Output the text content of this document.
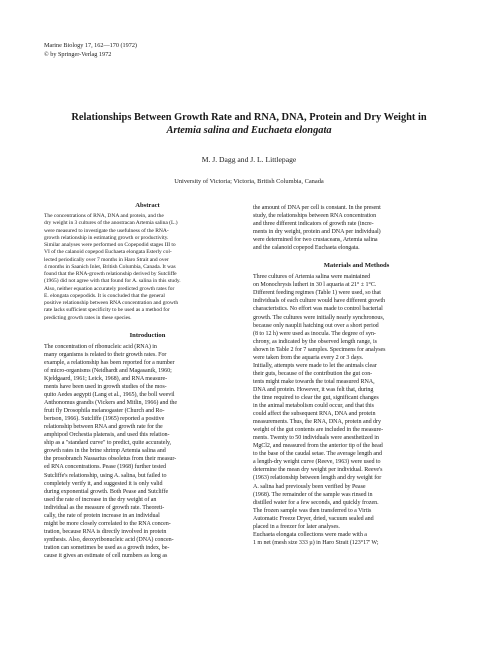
Marine Biology 17, 162—170 (1972)
© by Springer-Verlag 1972
Relationships Between Growth Rate and RNA, DNA, Protein and Dry Weight in
Artemia salina and Euchaeta elongata
M. J. Dagg and J. L. Littlepage
University of Victoria; Victoria, British Columbia, Canada
Abstract
The concentrations of RNA, DNA and protein, and the
dry weight in 3 cultures of the anostracan Artemia salina (L.)
were measured to investigate the usefulness of the RNA-
growth relationship in estimating growth or productivity.
Similar analyses were performed on Copepodid stages III to
VI of the calanoid copepod Euchaeta elongata Esterly col-
lected periodically over 7 months in Haro Strait and over
4 months in Saanich Inlet, British Columbia, Canada. It was
found that the RNA-growth relationship derived by Sutcliffe
(1965) did not agree with that found for A. salina in this study.
Also, neither equation accurately predicted growth rates for
E. elongata copepodids. It is concluded that the general
positive relationship between RNA concentration and growth
rate lacks sufficient specificity to be used as a method for
predicting growth rates in these species.
Introduction
The concentration of ribonucleic acid (RNA) in
many organisms is related to their growth rates. For
example, a relationship has been reported for a number
of micro-organisms (Neidhardt and Magasanik, 1960;
Kjeldgaard, 1961; Leick, 1968), and RNA measure-
ments have been used in growth studies of the mos-
quito Aedes aegypti (Lang et al., 1965), the boll weevil
Anthonomus grandis (Vickers and Mitlin, 1966) and the
fruit fly Drosophila melanogaster (Church and Ro-
bertson, 1966). Sutcliffe (1965) reported a positive
relationship between RNA and growth rate for the
amphipod Orchestia platensis, and used this relation-
ship as a "standard curve" to predict, quite accurately,
growth rates in the brine shrimp Artemia salina and
the prosobranch Nassarius obsoletus from their measur-
ed RNA concentrations. Pease (1968) further tested
Sutcliffe's relationship, using A. salina, but failed to
completely verify it, and suggested it is only valid
during exponential growth. Both Pease and Sutcliffe
used the rate of increase in the dry weight of an
individual as the measure of growth rate. Theoreti-
cally, the rate of protein increase in an individual
might be more closely correlated to the RNA concen-
tration, because RNA is directly involved in protein
synthesis. Also, deoxyribonucleic acid (DNA) concen-
tration can sometimes be used as a growth index, be-
cause it gives an estimate of cell numbers as long as
the amount of DNA per cell is constant. In the present
study, the relationships between RNA concentration
and three different indicators of growth rate (incre-
ments in dry weight, protein and DNA per individual)
were determined for two crustaceans, Artemia salina
and the calanoid copepod Euchaeta elongata.
Materials and Methods
Three cultures of Artemia salina were maintained
on Monochrysis lutheri in 30 l aquaria at 21° ± 1°C.
Different feeding regimes (Table 1) were used, so that
individuals of each culture would have different growth
characteristics. No effort was made to control bacterial
growth. The cultures were initially nearly synchronous,
because only nauplii hatching out over a short period
(8 to 12 h) were used as inocula. The degree of syn-
chrony, as indicated by the observed length range, is
shown in Table 2 for 7 samples. Specimens for analyses
were taken from the aquaria every 2 or 3 days.
Initially, attempts were made to let the animals clear
their guts, because of the contribution the gut con-
tents might make towards the total measured RNA,
DNA and protein. However, it was felt that, during
the time required to clear the gut, significant changes
in the animal metabolism could occur, and that this
could affect the subsequent RNA, DNA and protein
measurements. Thus, the RNA, DNA, protein and dry
weight of the gut contents are included in the measure-
ments. Twenty to 50 individuals were anesthetized in
MgCl2, and measured from the anterior tip of the head
to the base of the caudal setae. The average length and
a length-dry weight curve (Reeve, 1963) were used to
determine the mean dry weight per individual. Reeve's
(1963) relationship between length and dry weight for
A. salina had previously been verified by Pease
(1968). The remainder of the sample was rinsed in
distilled water for a few seconds, and quickly frozen.
The frozen sample was then transferred to a Virtis
Automatic Freeze Dryer, dried, vacuum sealed and
placed in a freezer for later analyses.
Euchaeta elongata collections were made with a
1 m net (mesh size 333 µ) in Haro Strait (123°17' W;
